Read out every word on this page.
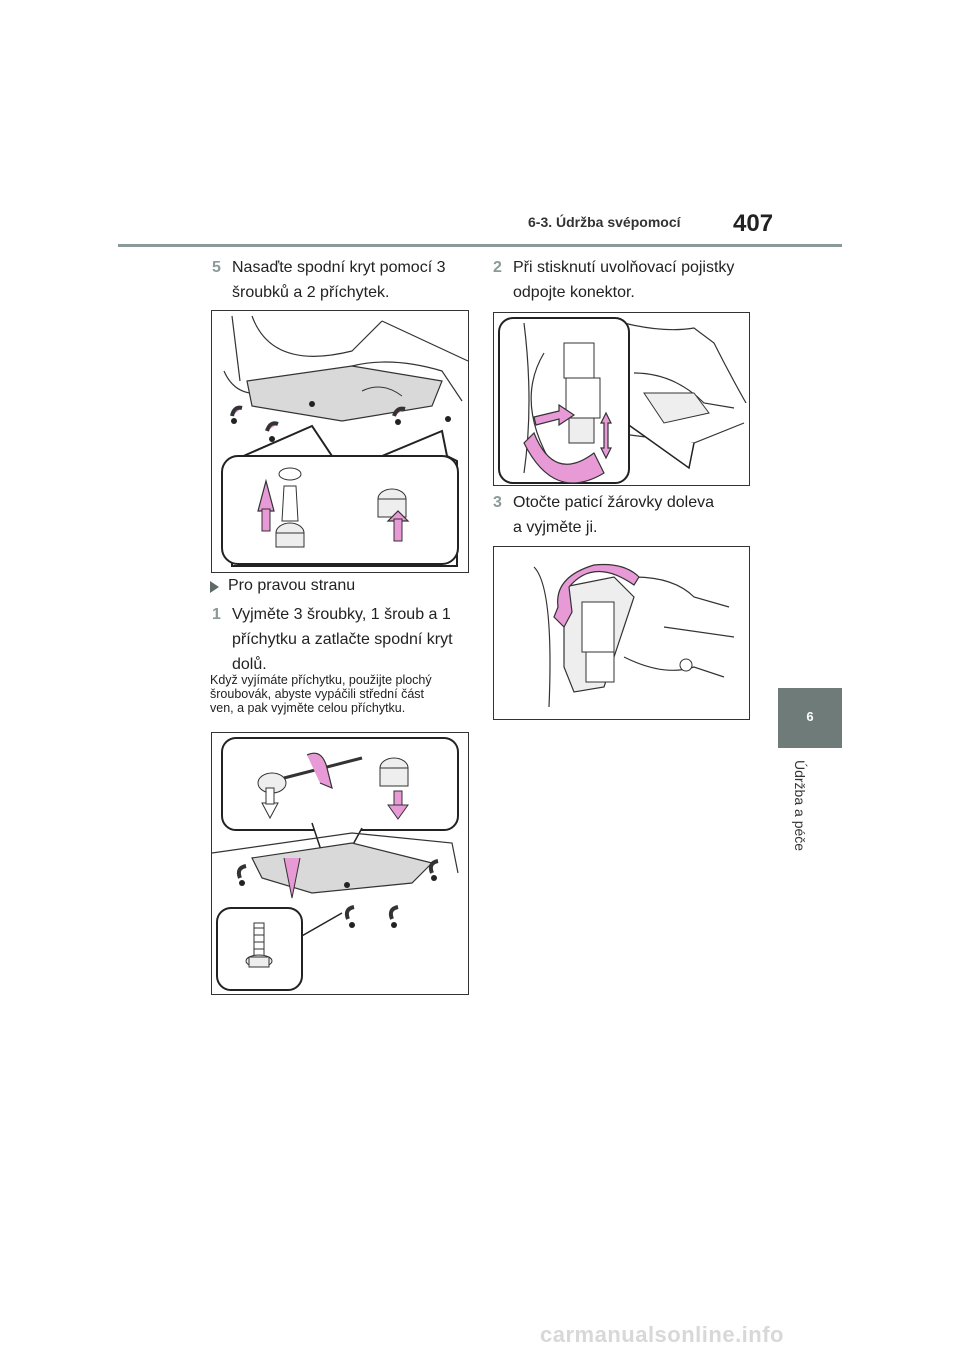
6-3. Údržba svépomocí 407
6
Údržba a péče
5 Nasaďte spodní kryt pomocí 3
šroubků a 2 příchytek.
Pro pravou stranu
1 Vyjměte 3 šroubky, 1 šroub a 1
příchytku a zatlačte spodní kryt
dolů.
Když vyjímáte příchytku, použijte plochý
šroubovák, abyste vypáčili střední část
ven, a pak vyjměte celou příchytku.
2 Při stisknutí uvolňovací pojistky
odpojte konektor.
3 Otočte paticí žárovky doleva
a vyjměte ji.
carmanualsonline.info
